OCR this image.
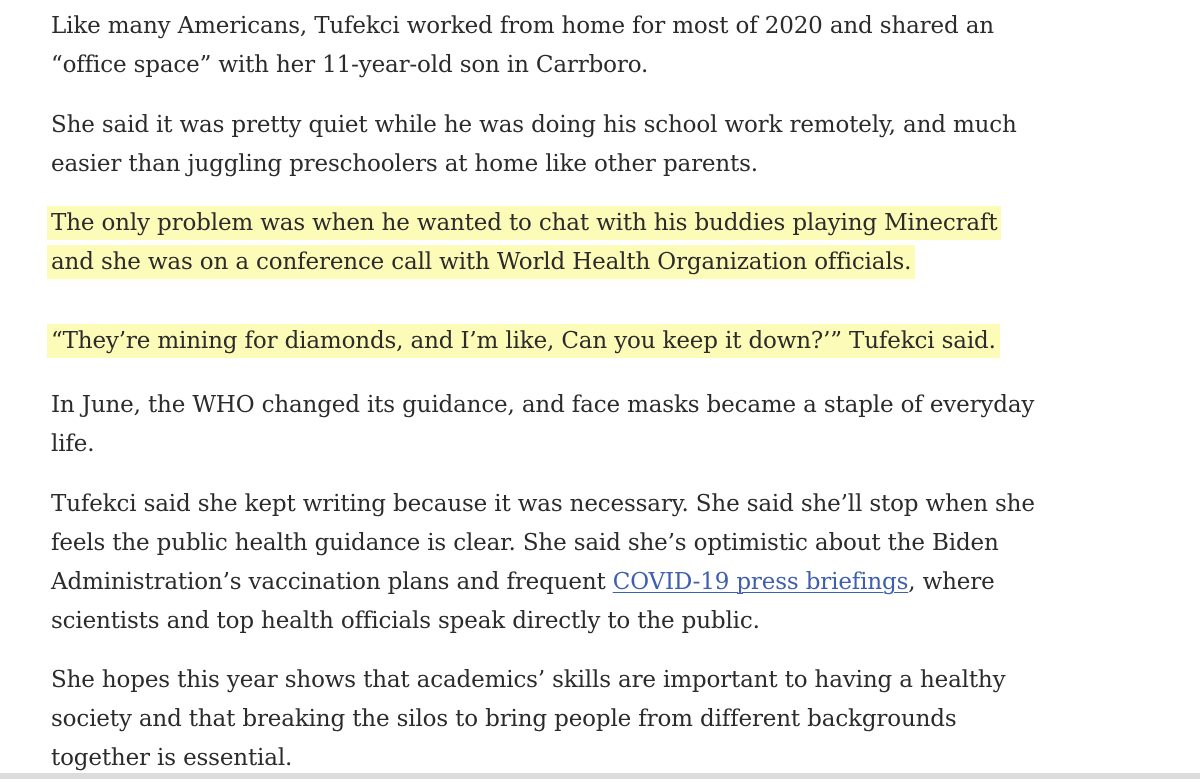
Like many Americans, Tufekci worked from home for most of 2020 and shared an
“office space” with her 11-year-old son in Carrboro.

She said it was pretty quiet while he was doing his school work remotely, and much
easier than juggling preschoolers at home like other parents.

The only problem was when he wanted to chat with his buddies playing Minecraft
and she was on a conference call with World Health Organization officials.

“They’re mining for diamonds, and I’m like, Can you keep it down?’” Tufekci said.

In June, the WHO changed its guidance, and face masks became a staple of everyday
life.

Tufekci said she kept writing because it was necessary. She said she’ll stop when she
feels the public health guidance is clear. She said she’s optimistic about the Biden
Administration’s vaccination plans and frequent COVID-19 press briefings, where
scientists and top health officials speak directly to the public.

She hopes this year shows that academics’ skills are important to having a healthy
society and that breaking the silos to bring people from different backgrounds
together is essential.
